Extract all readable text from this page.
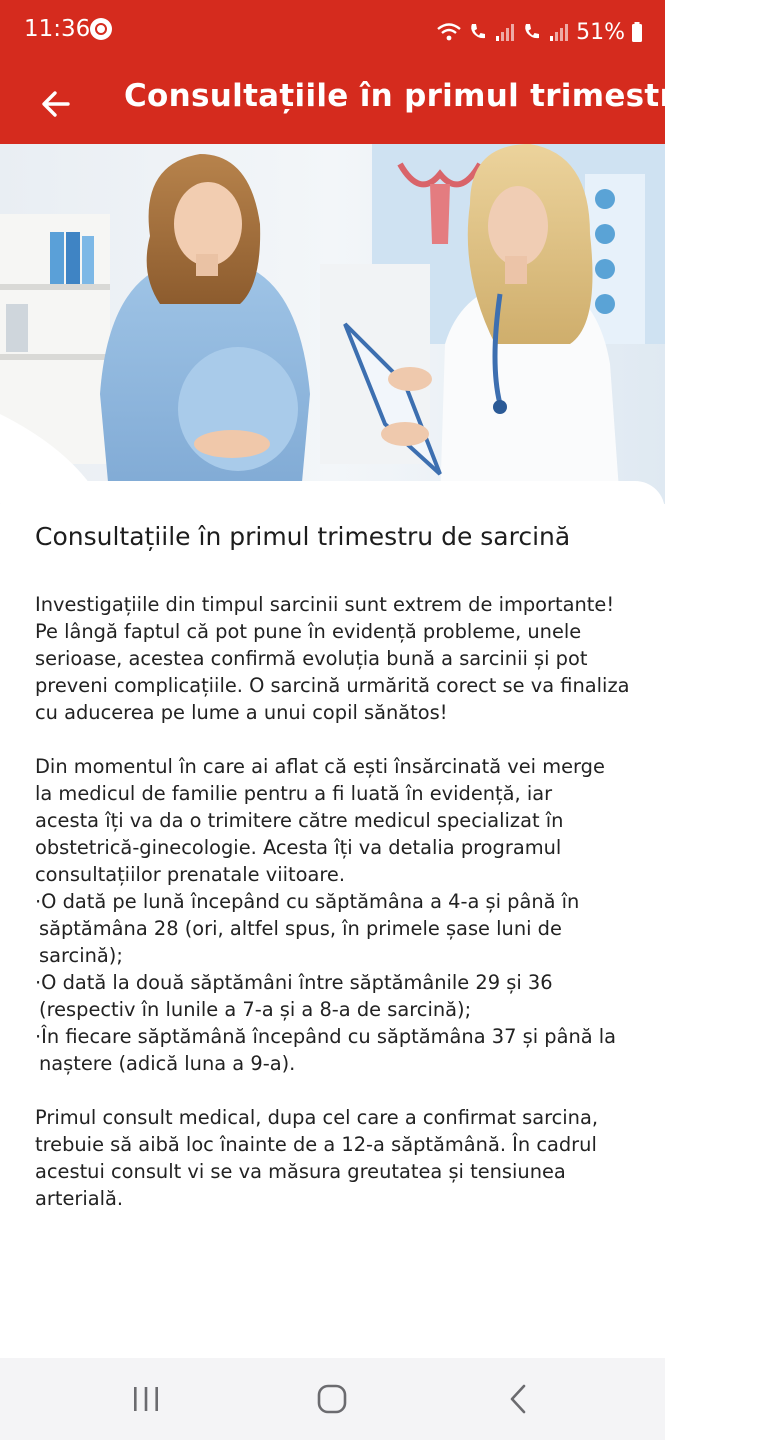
11:36	51%
Consultațiile în primul trimestru d…
Consultațiile în primul trimestru de sarcină

Investigațiile din timpul sarcinii sunt extrem de importante!
Pe lângă faptul că pot pune în evidență probleme, unele
serioase, acestea confirmă evoluția bună a sarcinii și pot
preveni complicațiile. O sarcină urmărită corect se va finaliza
cu aducerea pe lume a unui copil sănătos!

Din momentul în care ai aflat că ești însărcinată vei merge
la medicul de familie pentru a fi luată în evidență, iar
acesta îți va da o trimitere către medicul specializat în
obstetrică-ginecologie. Acesta îți va detalia programul
consultațiilor prenatale viitoare.
·O dată pe lună începând cu săptămâna a 4-a și până în
săptămâna 28 (ori, altfel spus, în primele șase luni de
sarcină);
·O dată la două săptămâni între săptămânile 29 și 36
(respectiv în lunile a 7-a și a 8-a de sarcină);
·În fiecare săptămână începând cu săptămâna 37 și până la
naștere (adică luna a 9-a).

Primul consult medical, dupa cel care a confirmat sarcina,
trebuie să aibă loc înainte de a 12-a săptămână. În cadrul
acestui consult vi se va măsura greutatea și tensiunea
arterială.
